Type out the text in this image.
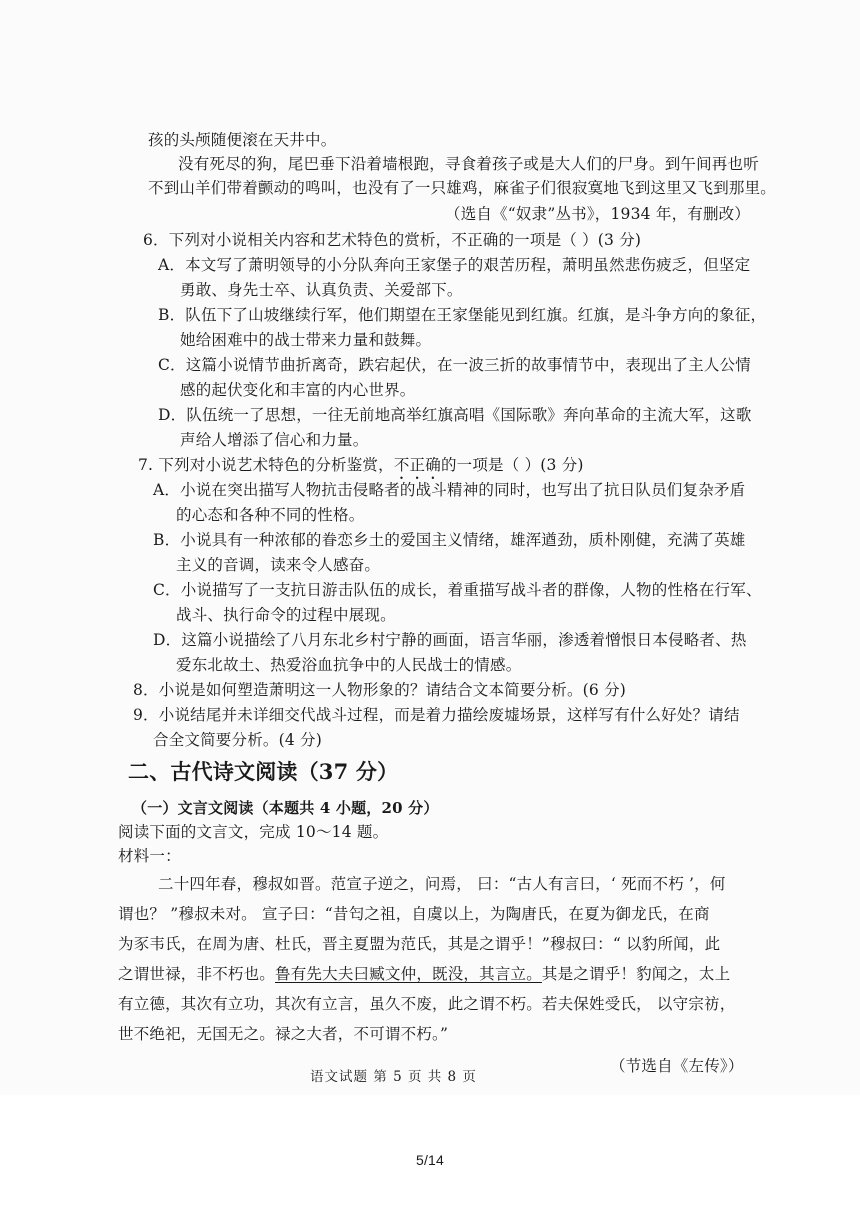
孩的头颅随便滚在天井中。
没有死尽的狗，尾巴垂下沿着墙根跑，寻食着孩子或是大人们的尸身。到午间再也听
不到山羊们带着颤动的鸣叫，也没有了一只雄鸡，麻雀子们很寂寞地飞到这里又飞到那里。
（选自《“奴隶”丛书》，1934 年，有删改）
6．下列对小说相关内容和艺术特色的赏析，不正确的一项是（ ）(3 分)
A．本文写了萧明领导的小分队奔向王家堡子的艰苦历程，萧明虽然悲伤疲乏，但坚定
勇敢、身先士卒、认真负责、关爱部下。
B．队伍下了山坡继续行军，他们期望在王家堡能见到红旗。红旗，是斗争方向的象征，
她给困难中的战士带来力量和鼓舞。
C．这篇小说情节曲折离奇，跌宕起伏，在一波三折的故事情节中，表现出了主人公情
感的起伏变化和丰富的内心世界。
D．队伍统一了思想，一往无前地高举红旗高唱《国际歌》奔向革命的主流大军，这歌
声给人增添了信心和力量。
7. 下列对小说艺术特色的分析鉴赏，不正确的一项是（ ）(3 分)
A．小说在突出描写人物抗击侵略者的战斗精神的同时，也写出了抗日队员们复杂矛盾
的心态和各种不同的性格。
B．小说具有一种浓郁的眷恋乡土的爱国主义情绪，雄浑遒劲，质朴刚健，充满了英雄
主义的音调，读来令人感奋。
C．小说描写了一支抗日游击队伍的成长，着重描写战斗者的群像，人物的性格在行军、
战斗、执行命令的过程中展现。
D．这篇小说描绘了八月东北乡村宁静的画面，语言华丽，渗透着憎恨日本侵略者、热
爱东北故土、热爱浴血抗争中的人民战士的情感。
8．小说是如何塑造萧明这一人物形象的？请结合文本简要分析。(6 分)
9．小说结尾并未详细交代战斗过程，而是着力描绘废墟场景，这样写有什么好处？请结
合全文简要分析。(4 分)
二、古代诗文阅读（37 分）
（一）文言文阅读（本题共 4 小题，20 分）
阅读下面的文言文，完成 10～14 题。
材料一：
二十四年春，穆叔如晋。范宣子逆之，问焉， 曰：“古人有言曰，‘ 死而不朽 ’，何
谓也？ ”穆叔未对。 宣子曰：“昔匄之祖，自虞以上，为陶唐氏，在夏为御龙氏，在商
为豕韦氏，在周为唐、杜氏，晋主夏盟为范氏，其是之谓乎！”穆叔曰：“ 以豹所闻，此
之谓世禄，非不朽也。鲁有先大夫曰臧文仲，既没，其言立。其是之谓乎！豹闻之，太上
有立德，其次有立功，其次有立言，虽久不废，此之谓不朽。若夫保姓受氏， 以守宗祊，
世不绝祀，无国无之。禄之大者，不可谓不朽。”
（节选自《左传》）
语文试题 第 5 页 共 8 页
5/14
